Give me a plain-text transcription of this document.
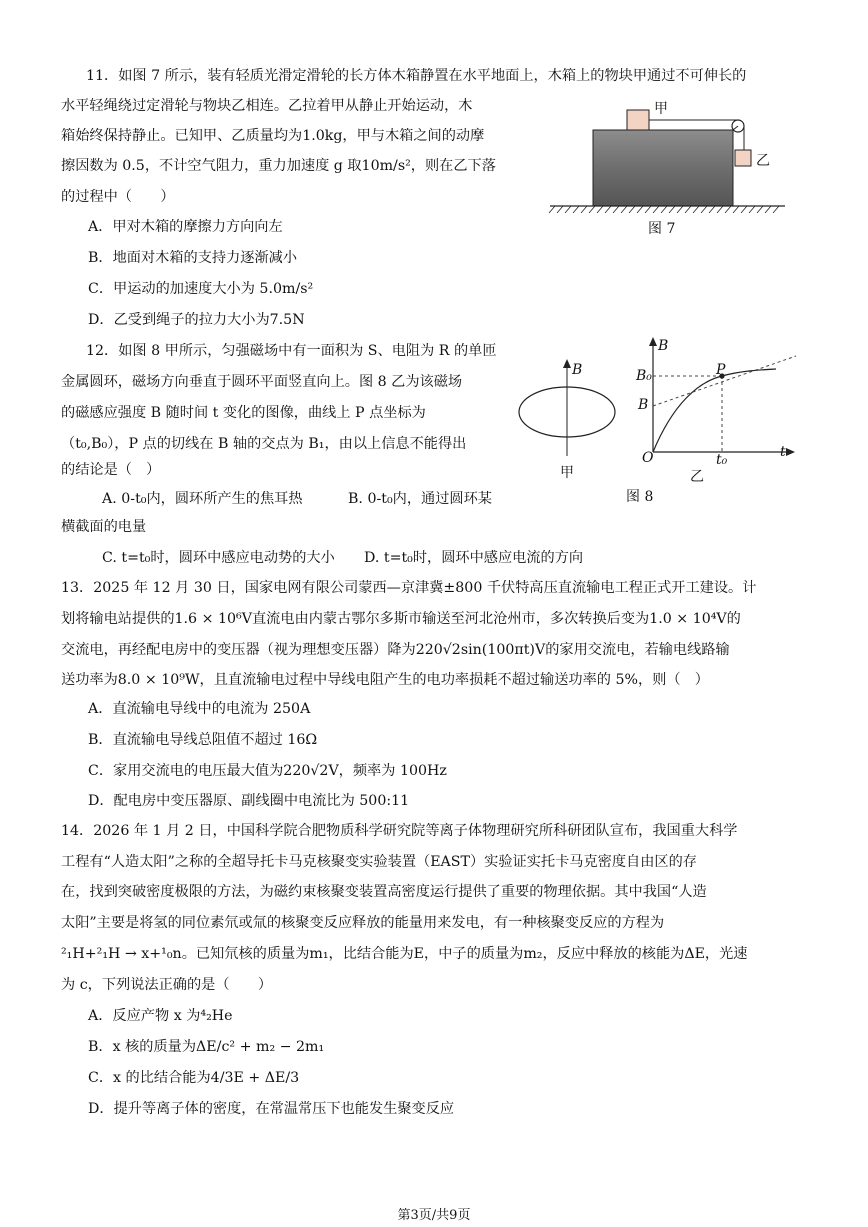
11．如图 7 所示，装有轻质光滑定滑轮的长方体木箱静置在水平地面上，木箱上的物块甲通过不可伸长的
水平轻绳绕过定滑轮与物块乙相连。乙拉着甲从静止开始运动，木
箱始终保持静止。已知甲、乙质量均为1.0kg，甲与木箱之间的动摩
擦因数为 0.5，不计空气阻力，重力加速度 g 取10m/s²，则在乙下落
的过程中（　　）
A．甲对木箱的摩擦力方向向左
B．地面对木箱的支持力逐渐减小
C．甲运动的加速度大小为 5.0m/s²
D．乙受到绳子的拉力大小为7.5N
甲
乙
图 7
12．如图 8 甲所示，匀强磁场中有一面积为 S、电阻为 R 的单匝
金属圆环，磁场方向垂直于圆环平面竖直向上。图 8 乙为该磁场
的磁感应强度 B 随时间 t 变化的图像，曲线上 P 点坐标为
（t₀,B₀），P 点的切线在 B 轴的交点为 B₁，由以上信息不能得出
的结论是（　）
A. 0-t₀内，圆环所产生的焦耳热	B. 0-t₀内，通过圆环某
横截面的电量
C. t=t₀时，圆环中感应电动势的大小 D. t=t₀时，圆环中感应电流的方向
B
甲
B
t
O
B₀
B
P
t₀
乙
图 8
13．2025 年 12 月 30 日，国家电网有限公司蒙西—京津冀±800 千伏特高压直流输电工程正式开工建设。计
划将输电站提供的1.6 × 10⁶V直流电由内蒙古鄂尔多斯市输送至河北沧州市，多次转换后变为1.0 × 10⁴V的
交流电，再经配电房中的变压器（视为理想变压器）降为220√2sin(100πt)V的家用交流电，若输电线路输
送功率为8.0 × 10⁹W，且直流输电过程中导线电阻产生的电功率损耗不超过输送功率的 5%，则（　）
A．直流输电导线中的电流为 250A
B．直流输电导线总阻值不超过 16Ω
C．家用交流电的电压最大值为220√2V，频率为 100Hz
D．配电房中变压器原、副线圈中电流比为 500:11
14．2026 年 1 月 2 日，中国科学院合肥物质科学研究院等离子体物理研究所科研团队宣布，我国重大科学
工程有“人造太阳”之称的全超导托卡马克核聚变实验装置（EAST）实验证实托卡马克密度自由区的存
在，找到突破密度极限的方法，为磁约束核聚变装置高密度运行提供了重要的物理依据。其中我国“人造
太阳”主要是将氢的同位素氘或氚的核聚变反应释放的能量用来发电，有一种核聚变反应的方程为
²₁H+²₁H → x+¹₀n。已知氘核的质量为m₁，比结合能为E，中子的质量为m₂，反应中释放的核能为ΔE，光速
为 c，下列说法正确的是（　　）
A．反应产物 x 为⁴₂He
B．x 核的质量为ΔE/c² + m₂ − 2m₁
C．x 的比结合能为4/3E + ΔE/3
D．提升等离子体的密度，在常温常压下也能发生聚变反应
第3页/共9页
